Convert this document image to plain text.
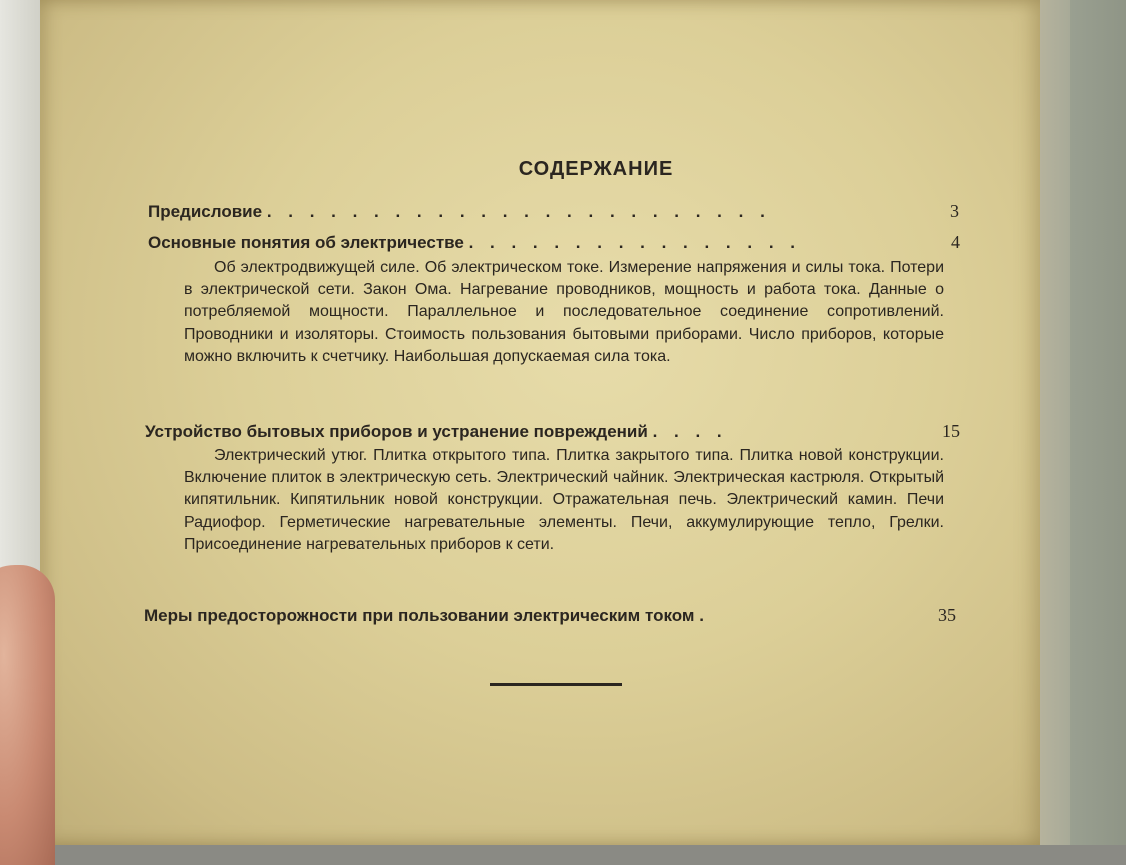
СОДЕРЖАНИЕ
Предисловие . . . . . . . . . . . . . . . . . . . . . . . .	3
Основные понятия об электричестве . . . . . . . . . . . . . . . .	4
Об электродвижущей силе. Об электрическом токе. Измерение напряжения и силы тока. Потери в электрической сети. Закон Ома. Нагревание проводников, мощность и работа тока. Данные о потребляемой мощности. Параллельное и последовательное соединение сопротивлений. Проводники и изоляторы. Стоимость пользования бытовыми приборами. Число приборов, которые можно включить к счетчику. Наибольшая допускаемая сила тока.
Устройство бытовых приборов и устранение повреждений . . . .	15
Электрический утюг. Плитка открытого типа. Плитка закрытого типа. Плитка новой конструкции. Включение плиток в электрическую сеть. Электрический чайник. Электрическая кастрюля. Открытый кипятильник. Кипятильник новой конструкции. Отражательная печь. Электрический камин. Печи Радиофор. Герметические нагревательные элементы. Печи, аккумулирующие тепло, Грелки. Присоединение нагревательных приборов к сети.
Меры предосторожности при пользовании электрическим током .	35
